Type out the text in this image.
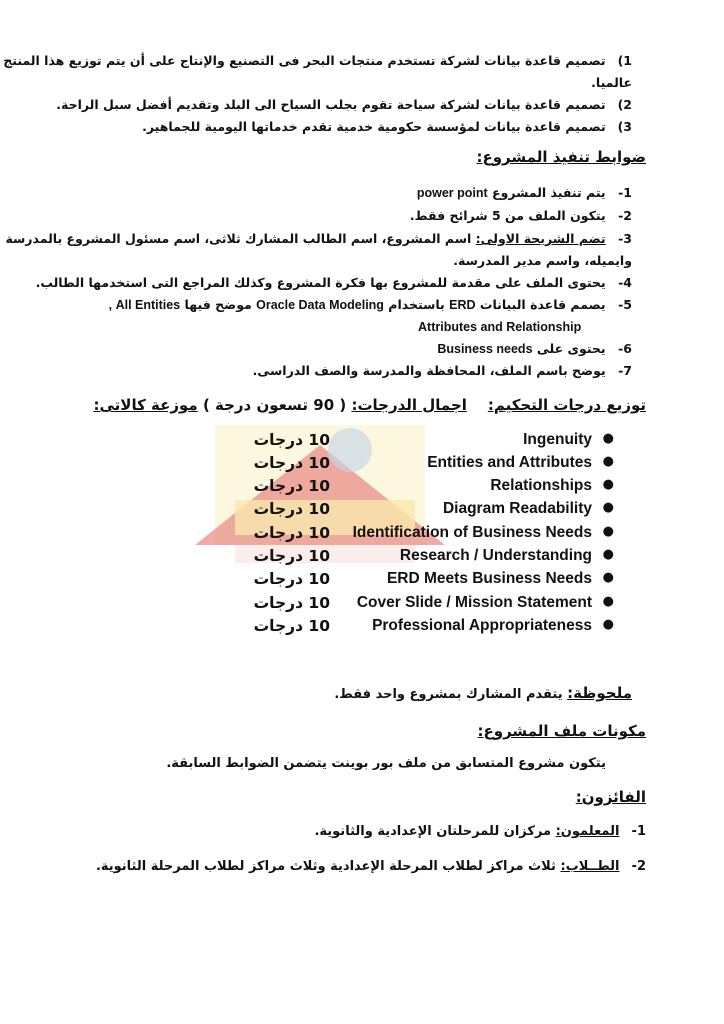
1) تصميم قاعدة بيانات لشركة تستخدم منتجات البحر فى التصنيع والإنتاج على أن يتم توزيع هذا المنتج
عالميا.
2) تصميم قاعدة بيانات لشركة سياحة تقوم بجلب السياح الى البلد وتقديم أفضل سبل الراحة.
3) تصميم قاعدة بيانات لمؤسسة حكومية خدمية تقدم خدماتها اليومية للجماهير.
ضوابط تنفيذ المشروع:
1- يتم تنفيذ المشروع power point
2- يتكون الملف من 5 شرائح فقط.
3- تضم الشريحة الاولى: اسم المشروع، اسم الطالب المشارك ثلاثى، اسم مسئول المشروع بالمدرسة
وايميله، واسم مدير المدرسة.
4- يحتوى الملف على مقدمة للمشروع بها فكرة المشروع وكذلك المراجع التى استخدمها الطالب.
5- يصمم قاعدة البيانات ERD باستخدام Oracle Data Modeling موضح فيها All Entities ,
Attributes and Relationship
6- يحتوى على Business needs
7- يوضح باسم الملف، المحافظة والمدرسة والصف الدراسى.
توزيع درجات التحكيم:    اجمال الدرجات: ( 90 تسعون درجة ) موزعة كالاتى:
10 درجات	Ingenuity ●
10 درجات	Entities and Attributes ●
10 درجات	Relationships ●
10 درجات	Diagram Readability ●
10 درجات Identification of Business Needs ●
10 درجات	Research / Understanding ●
10 درجات	ERD Meets Business Needs ●
10 درجات Cover Slide / Mission Statement ●
10 درجات	Professional Appropriateness ●
ملحوظة: يتقدم المشارك بمشروع واحد فقط.
مكونات ملف المشروع:
يتكون مشروع المتسابق من ملف بور بوينت يتضمن الضوابط السابقة.
الفائزون:
1- المعلمون: مركزان للمرحلتان الإعدادية والثانوية.
2- الطــلاب: ثلاث مراكز لطلاب المرحلة الإعدادية وثلاث مراكز لطلاب المرحلة الثانوية.
